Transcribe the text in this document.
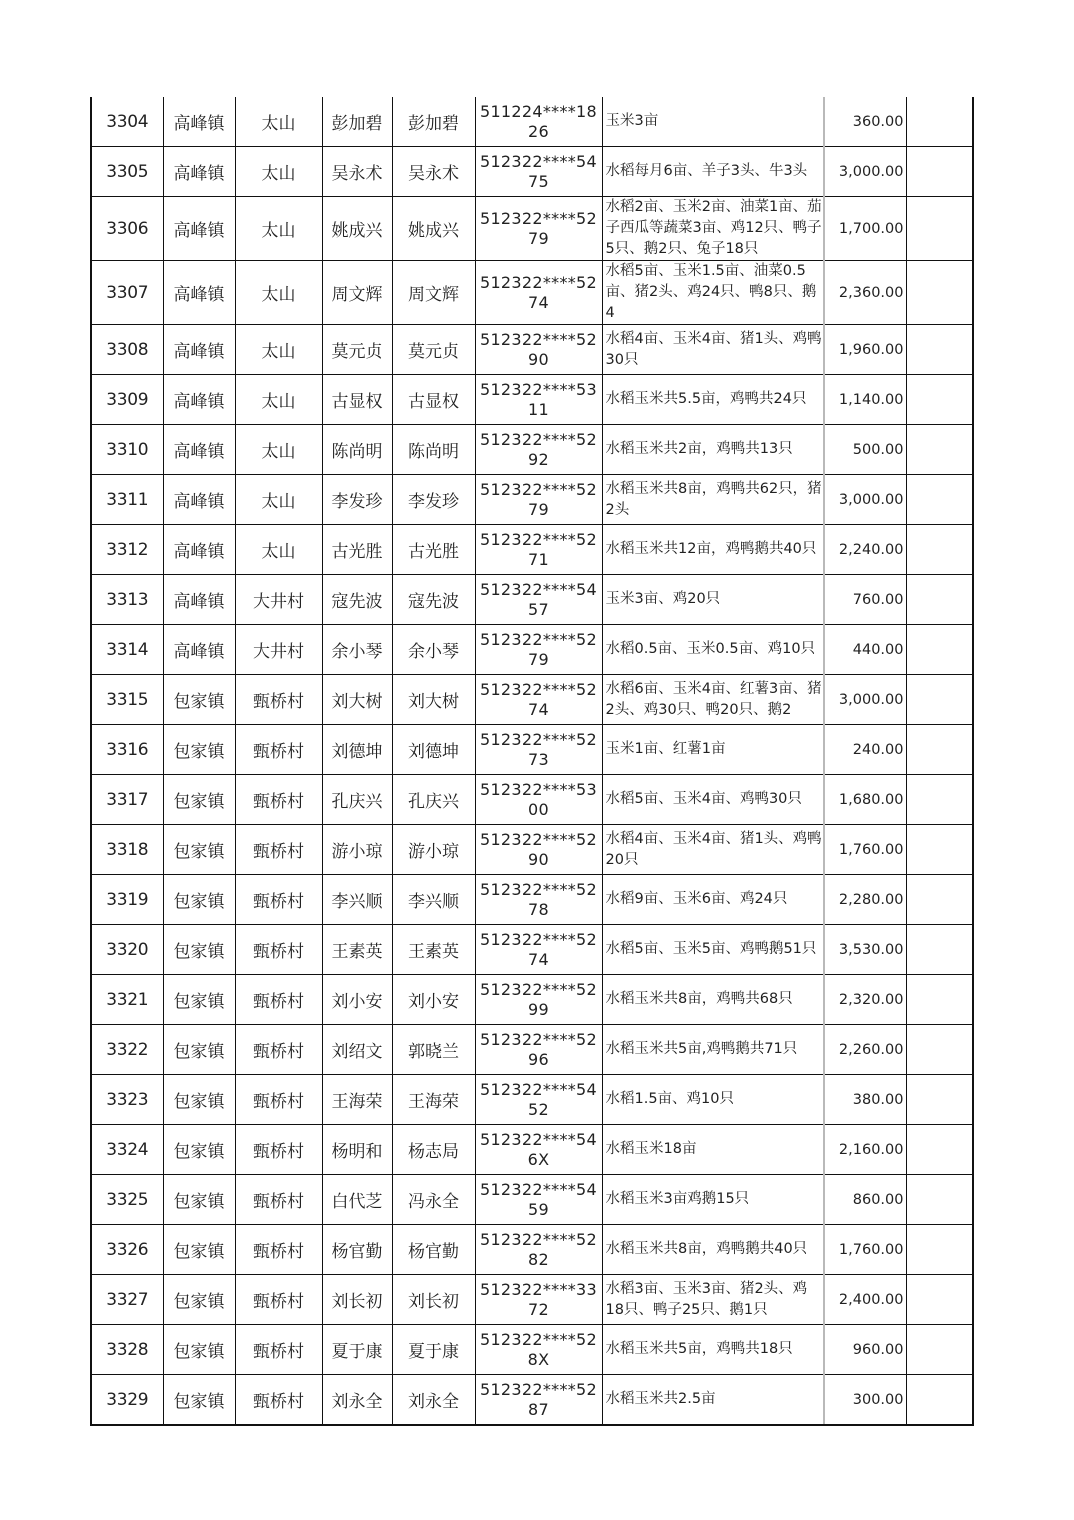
3304	高峰镇	太山	彭加碧	彭加碧	511224****1826	玉米3亩	360.00	
3305	高峰镇	太山	吴永术	吴永术	512322****5475	水稻每月6亩、羊子3头、牛3头	3,000.00	
3306	高峰镇	太山	姚成兴	姚成兴	512322****5279	水稻2亩、玉米2亩、油菜1亩、茄子西瓜等蔬菜3亩、鸡12只、鸭子5只、鹅2只、兔子18只	1,700.00	
3307	高峰镇	太山	周文辉	周文辉	512322****5274	水稻5亩、玉米1.5亩、油菜0.5亩、猪2头、鸡24只、鸭8只、鹅4	2,360.00	
3308	高峰镇	太山	莫元贞	莫元贞	512322****5290	水稻4亩、玉米4亩、猪1头、鸡鸭30只	1,960.00	
3309	高峰镇	太山	古显权	古显权	512322****5311	水稻玉米共5.5亩，鸡鸭共24只	1,140.00	
3310	高峰镇	太山	陈尚明	陈尚明	512322****5292	水稻玉米共2亩，鸡鸭共13只	500.00	
3311	高峰镇	太山	李发珍	李发珍	512322****5279	水稻玉米共8亩，鸡鸭共62只，猪2头	3,000.00	
3312	高峰镇	太山	古光胜	古光胜	512322****5271	水稻玉米共12亩，鸡鸭鹅共40只	2,240.00	
3313	高峰镇	大井村	寇先波	寇先波	512322****5457	玉米3亩、鸡20只	760.00	
3314	高峰镇	大井村	余小琴	余小琴	512322****5279	水稻0.5亩、玉米0.5亩、鸡10只	440.00	
3315	包家镇	甄桥村	刘大树	刘大树	512322****5274	水稻6亩、玉米4亩、红薯3亩、猪2头、鸡30只、鸭20只、鹅2	3,000.00	
3316	包家镇	甄桥村	刘德坤	刘德坤	512322****5273	玉米1亩、红薯1亩	240.00	
3317	包家镇	甄桥村	孔庆兴	孔庆兴	512322****5300	水稻5亩、玉米4亩、鸡鸭30只	1,680.00	
3318	包家镇	甄桥村	游小琼	游小琼	512322****5290	水稻4亩、玉米4亩、猪1头、鸡鸭20只	1,760.00	
3319	包家镇	甄桥村	李兴顺	李兴顺	512322****5278	水稻9亩、玉米6亩、鸡24只	2,280.00	
3320	包家镇	甄桥村	王素英	王素英	512322****5274	水稻5亩、玉米5亩、鸡鸭鹅51只	3,530.00	
3321	包家镇	甄桥村	刘小安	刘小安	512322****5299	水稻玉米共8亩，鸡鸭共68只	2,320.00	
3322	包家镇	甄桥村	刘绍文	郭晓兰	512322****5296	水稻玉米共5亩,鸡鸭鹅共71只	2,260.00	
3323	包家镇	甄桥村	王海荣	王海荣	512322****5452	水稻1.5亩、鸡10只	380.00	
3324	包家镇	甄桥村	杨明和	杨志局	512322****546X	水稻玉米18亩	2,160.00	
3325	包家镇	甄桥村	白代芝	冯永全	512322****5459	水稻玉米3亩鸡鹅15只	860.00	
3326	包家镇	甄桥村	杨官勤	杨官勤	512322****5282	水稻玉米共8亩，鸡鸭鹅共40只	1,760.00	
3327	包家镇	甄桥村	刘长初	刘长初	512322****3372	水稻3亩、玉米3亩、猪2头、鸡18只、鸭子25只、鹅1只	2,400.00	
3328	包家镇	甄桥村	夏于康	夏于康	512322****528X	水稻玉米共5亩，鸡鸭共18只	960.00	
3329	包家镇	甄桥村	刘永全	刘永全	512322****5287	水稻玉米共2.5亩	300.00	
